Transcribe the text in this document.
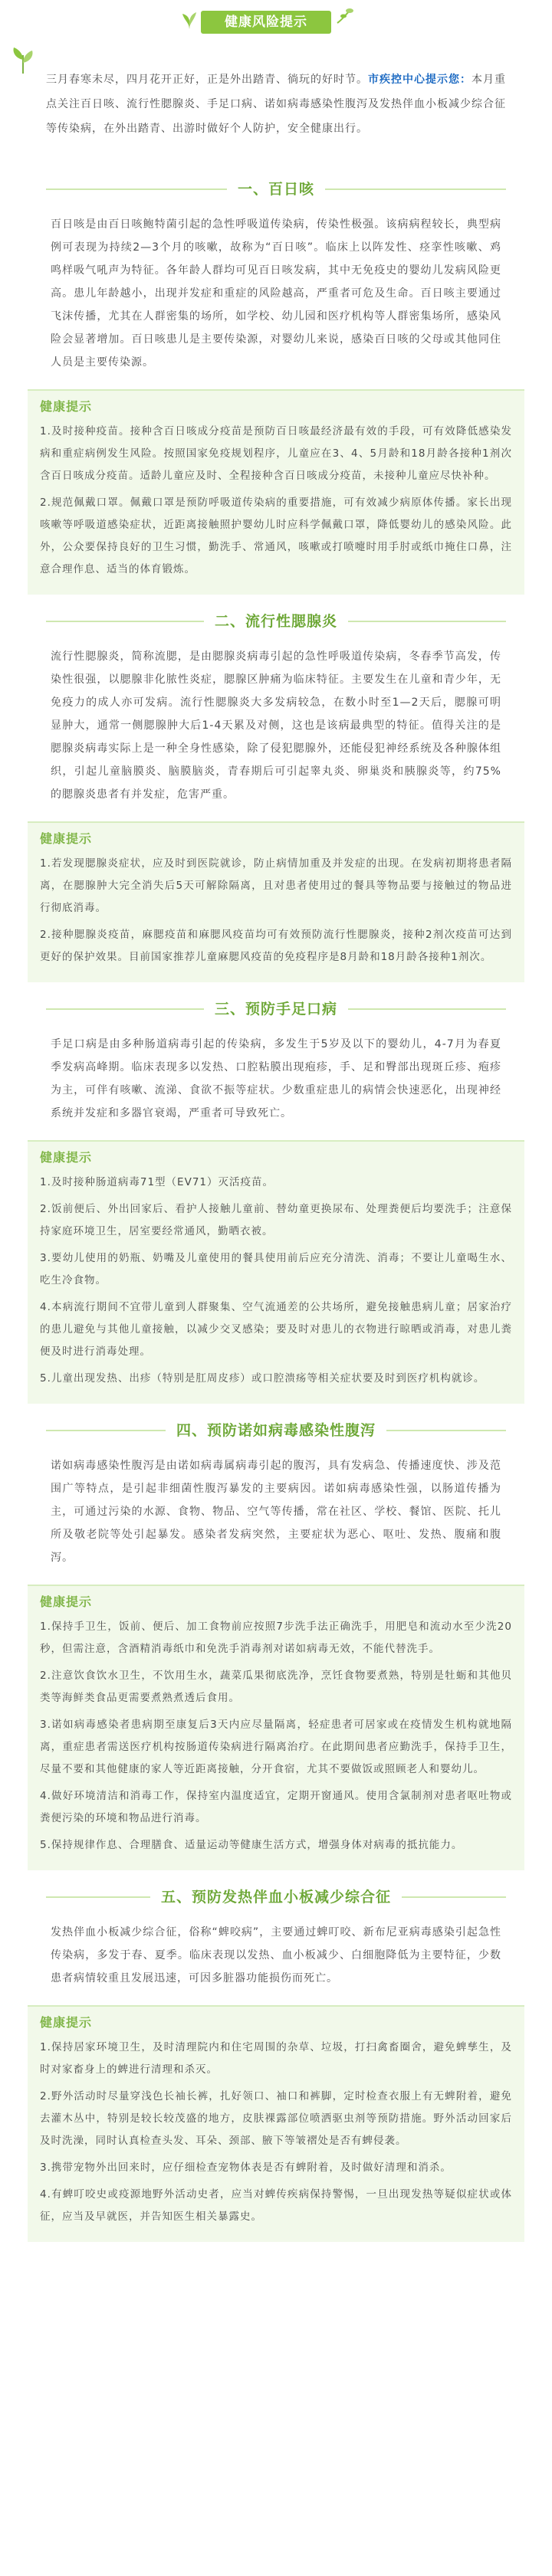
健康风险提示
三月春寒未尽，四月花开正好，正是外出踏青、徜玩的好时节。市疾控中心提示您：本月重点关注百日咳、流行性腮腺炎、手足口病、诺如病毒感染性腹泻及发热伴血小板减少综合征等传染病，在外出踏青、出游时做好个人防护，安全健康出行。
一、百日咳
百日咳是由百日咳鲍特菌引起的急性呼吸道传染病，传染性极强。该病病程较长，典型病例可表现为持续2—3个月的咳嗽，故称为“百日咳”。临床上以阵发性、痉挛性咳嗽、鸡鸣样吸气吼声为特征。各年龄人群均可见百日咳发病，其中无免疫史的婴幼儿发病风险更高。患儿年龄越小，出现并发症和重症的风险越高，严重者可危及生命。百日咳主要通过飞沫传播，尤其在人群密集的场所，如学校、幼儿园和医疗机构等人群密集场所，感染风险会显著增加。百日咳患儿是主要传染源，对婴幼儿来说，感染百日咳的父母或其他同住人员是主要传染源。
健康提示

1.及时接种疫苗。接种含百日咳成分疫苗是预防百日咳最经济最有效的手段，可有效降低感染发病和重症病例发生风险。按照国家免疫规划程序，儿童应在3、4、5月龄和18月龄各接种1剂次含百日咳成分疫苗。适龄儿童应及时、全程接种含百日咳成分疫苗，未接种儿童应尽快补种。

2.规范佩戴口罩。佩戴口罩是预防呼吸道传染病的重要措施，可有效减少病原体传播。家长出现咳嗽等呼吸道感染症状，近距离接触照护婴幼儿时应科学佩戴口罩，降低婴幼儿的感染风险。此外，公众要保持良好的卫生习惯，勤洗手、常通风，咳嗽或打喷嚏时用手肘或纸巾掩住口鼻，注意合理作息、适当的体育锻炼。

二、流行性腮腺炎
流行性腮腺炎，简称流腮，是由腮腺炎病毒引起的急性呼吸道传染病，冬春季节高发，传染性很强，以腮腺非化脓性炎症，腮腺区肿痛为临床特征。主要发生在儿童和青少年，无免疫力的成人亦可发病。流行性腮腺炎大多发病较急，在数小时至1—2天后，腮腺可明显肿大，通常一侧腮腺肿大后1-4天累及对侧，这也是该病最典型的特征。值得关注的是腮腺炎病毒实际上是一种全身性感染，除了侵犯腮腺外，还能侵犯神经系统及各种腺体组织，引起儿童脑膜炎、脑膜脑炎，青春期后可引起睾丸炎、卵巢炎和胰腺炎等，约75%的腮腺炎患者有并发症，危害严重。
健康提示

1.若发现腮腺炎症状，应及时到医院就诊，防止病情加重及并发症的出现。在发病初期将患者隔离，在腮腺肿大完全消失后5天可解除隔离，且对患者使用过的餐具等物品要与接触过的物品进行彻底消毒。

2.接种腮腺炎疫苗，麻腮疫苗和麻腮风疫苗均可有效预防流行性腮腺炎，接种2剂次疫苗可达到更好的保护效果。目前国家推荐儿童麻腮风疫苗的免疫程序是8月龄和18月龄各接种1剂次。

三、预防手足口病
手足口病是由多种肠道病毒引起的传染病，多发生于5岁及以下的婴幼儿，4-7月为春夏季发病高峰期。临床表现多以发热、口腔粘膜出现疱疹，手、足和臀部出现斑丘疹、疱疹为主，可伴有咳嗽、流涕、食欲不振等症状。少数重症患儿的病情会快速恶化，出现神经系统并发症和多器官衰竭，严重者可导致死亡。
健康提示

1.及时接种肠道病毒71型（EV71）灭活疫苗。

2.饭前便后、外出回家后、看护人接触儿童前、替幼童更换尿布、处理粪便后均要洗手；注意保持家庭环境卫生，居室要经常通风，勤晒衣被。

3.要幼儿使用的奶瓶、奶嘴及儿童使用的餐具使用前后应充分清洗、消毒；不要让儿童喝生水、吃生冷食物。

4.本病流行期间不宜带儿童到人群聚集、空气流通差的公共场所，避免接触患病儿童；居家治疗的患儿避免与其他儿童接触，以减少交叉感染；要及时对患儿的衣物进行晾晒或消毒，对患儿粪便及时进行消毒处理。

5.儿童出现发热、出疹（特别是肛周皮疹）或口腔溃疡等相关症状要及时到医疗机构就诊。

四、预防诺如病毒感染性腹泻
诺如病毒感染性腹泻是由诺如病毒属病毒引起的腹泻，具有发病急、传播速度快、涉及范围广等特点，是引起非细菌性腹泻暴发的主要病因。诺如病毒感染性强，以肠道传播为主，可通过污染的水源、食物、物品、空气等传播，常在社区、学校、餐馆、医院、托儿所及敬老院等处引起暴发。感染者发病突然，主要症状为恶心、呕吐、发热、腹痛和腹泻。
健康提示

1.保持手卫生，饭前、便后、加工食物前应按照7步洗手法正确洗手，用肥皂和流动水至少洗20秒，但需注意，含酒精消毒纸巾和免洗手消毒剂对诺如病毒无效，不能代替洗手。

2.注意饮食饮水卫生，不饮用生水，蔬菜瓜果彻底洗净，烹饪食物要煮熟，特别是牡蛎和其他贝类等海鲜类食品更需要煮熟煮透后食用。

3.诺如病毒感染者患病期至康复后3天内应尽量隔离，轻症患者可居家或在疫情发生机构就地隔离，重症患者需送医疗机构按肠道传染病进行隔离治疗。在此期间患者应勤洗手，保持手卫生，尽量不要和其他健康的家人等近距离接触，分开食宿，尤其不要做饭或照顾老人和婴幼儿。

4.做好环境清洁和消毒工作，保持室内温度适宜，定期开窗通风。使用含氯制剂对患者呕吐物或粪便污染的环境和物品进行消毒。

5.保持规律作息、合理膳食、适量运动等健康生活方式，增强身体对病毒的抵抗能力。

五、预防发热伴血小板减少综合征
发热伴血小板减少综合征，俗称“蜱咬病”，主要通过蜱叮咬、新布尼亚病毒感染引起急性传染病，多发于春、夏季。临床表现以发热、血小板减少、白细胞降低为主要特征，少数患者病情较重且发展迅速，可因多脏器功能损伤而死亡。
健康提示

1.保持居家环境卫生，及时清理院内和住宅周围的杂草、垃圾，打扫禽畜圈舍，避免蜱孳生，及时对家畜身上的蜱进行清理和杀灭。

2.野外活动时尽量穿浅色长袖长裤，扎好领口、袖口和裤脚，定时检查衣服上有无蜱附着，避免去灌木丛中，特别是较长较茂盛的地方，皮肤裸露部位喷洒驱虫剂等预防措施。野外活动回家后及时洗澡，同时认真检查头发、耳朵、颈部、腋下等皱褶处是否有蜱侵袭。

3.携带宠物外出回来时，应仔细检查宠物体表是否有蜱附着，及时做好清理和消杀。

4.有蜱叮咬史或疫源地野外活动史者，应当对蜱传疾病保持警惕，一旦出现发热等疑似症状或体征，应当及早就医，并告知医生相关暴露史。
